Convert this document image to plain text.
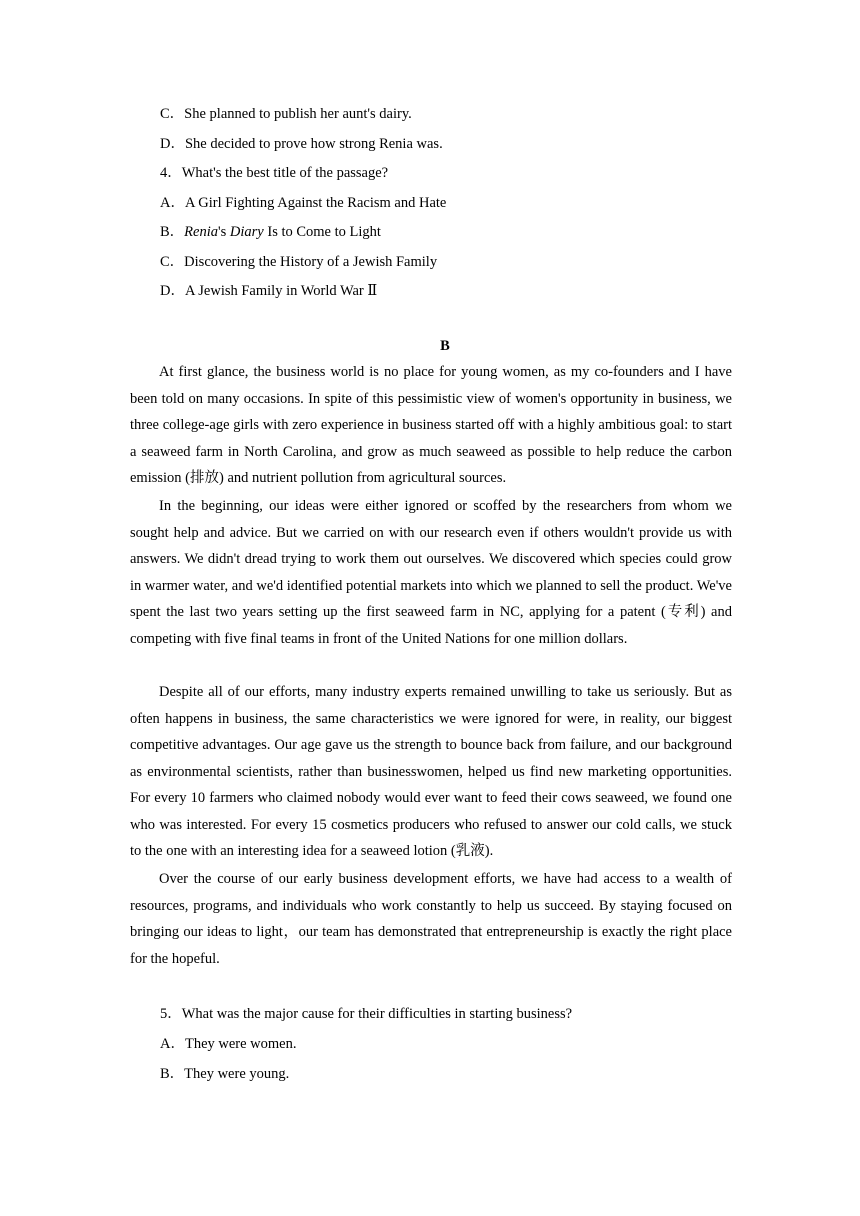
C．She planned to publish her aunt's dairy.
D．She decided to prove how strong Renia was.
4．What's the best title of the passage?
A．A Girl Fighting Against the Racism and Hate
B．Renia's Diary Is to Come to Light
C．Discovering the History of a Jewish Family
D．A Jewish Family in World War Ⅱ
B

At first glance, the business world is no place for young women, as my co-founders and I have been told on many occasions. In spite of this pessimistic view of women's opportunity in business, we three college-age girls with zero experience in business started off with a highly ambitious goal: to start a seaweed farm in North Carolina, and grow as much seaweed as possible to help reduce the carbon emission (排放) and nutrient pollution from agricultural sources.

In the beginning, our ideas were either ignored or scoffed by the researchers from whom we sought help and advice. But we carried on with our research even if others wouldn't provide us with answers. We didn't dread trying to work them out ourselves. We discovered which species could grow in warmer water, and we'd identified potential markets into which we planned to sell the product. We've spent the last two years setting up the first seaweed farm in NC, applying for a patent (专利) and competing with five final teams in front of the United Nations for one million dollars.

Despite all of our efforts, many industry experts remained unwilling to take us seriously. But as often happens in business, the same characteristics we were ignored for were, in reality, our biggest competitive advantages. Our age gave us the strength to bounce back from failure, and our background as environmental scientists, rather than businesswomen, helped us find new marketing opportunities. For every 10 farmers who claimed nobody would ever want to feed their cows seaweed, we found one who was interested. For every 15 cosmetics producers who refused to answer our cold calls, we stuck to the one with an interesting idea for a seaweed lotion (乳液).

Over the course of our early business development efforts, we have had access to a wealth of resources, programs, and individuals who work constantly to help us succeed. By staying focused on bringing our ideas to light，our team has demonstrated that entrepreneurship is exactly the right place for the hopeful.

5．What was the major cause for their difficulties in starting business?
A．They were women.
B．They were young.
